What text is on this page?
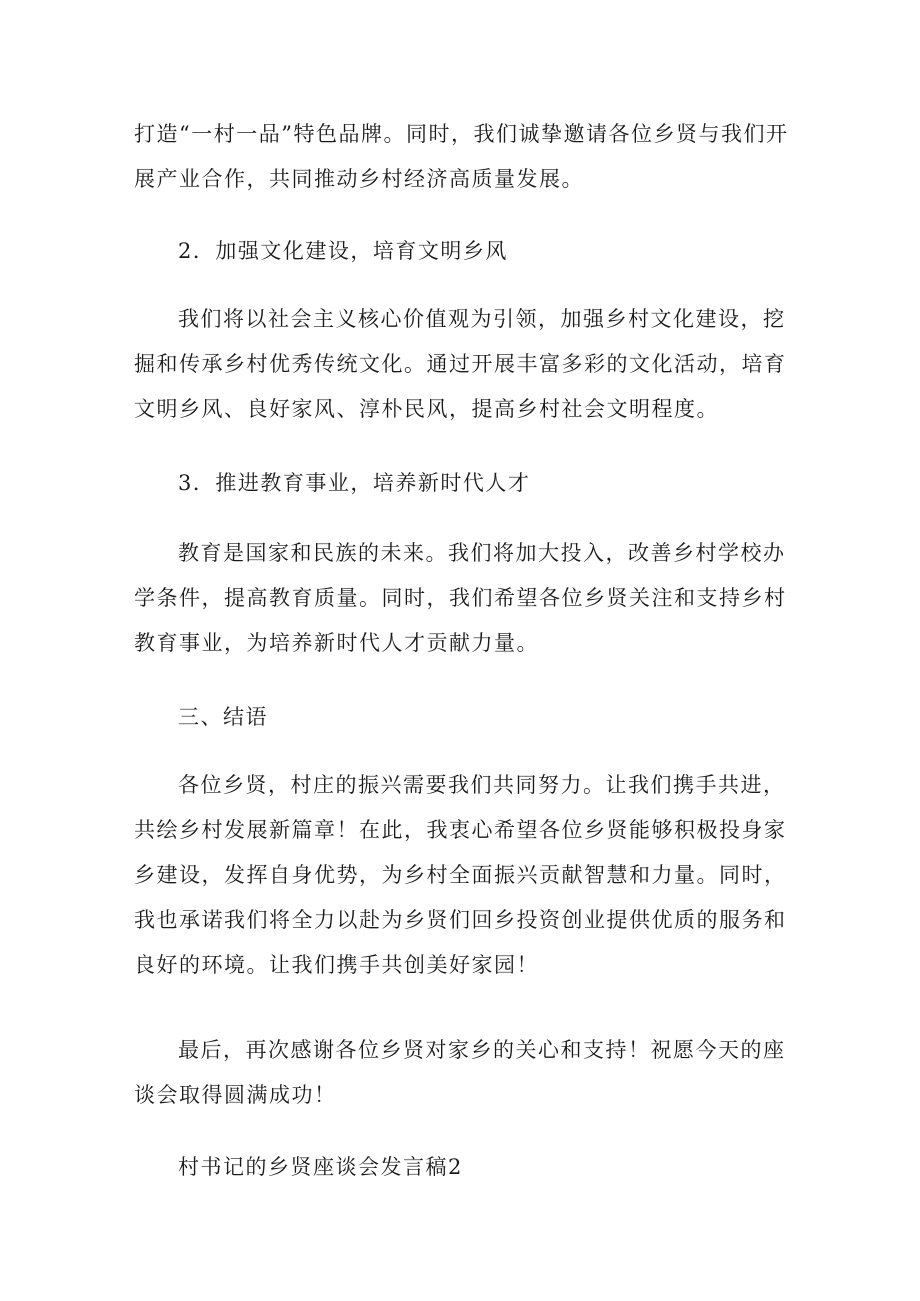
打造“一村一品”特色品牌。同时，我们诚挚邀请各位乡贤与我们开展产业合作，共同推动乡村经济高质量发展。

2．加强文化建设，培育文明乡风

我们将以社会主义核心价值观为引领，加强乡村文化建设，挖掘和传承乡村优秀传统文化。通过开展丰富多彩的文化活动，培育文明乡风、良好家风、淳朴民风，提高乡村社会文明程度。

3．推进教育事业，培养新时代人才

教育是国家和民族的未来。我们将加大投入，改善乡村学校办学条件，提高教育质量。同时，我们希望各位乡贤关注和支持乡村教育事业，为培养新时代人才贡献力量。

三、结语

各位乡贤，村庄的振兴需要我们共同努力。让我们携手共进，共绘乡村发展新篇章！在此，我衷心希望各位乡贤能够积极投身家乡建设，发挥自身优势，为乡村全面振兴贡献智慧和力量。同时，我也承诺我们将全力以赴为乡贤们回乡投资创业提供优质的服务和良好的环境。让我们携手共创美好家园！

最后，再次感谢各位乡贤对家乡的关心和支持！祝愿今天的座谈会取得圆满成功！

村书记的乡贤座谈会发言稿2
